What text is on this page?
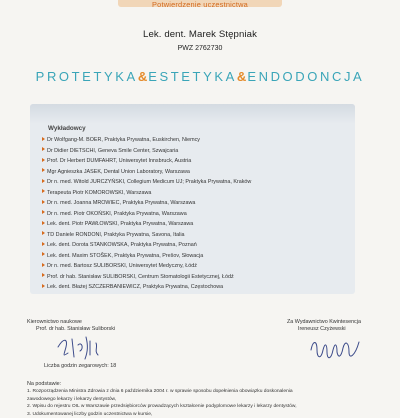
Potwierdzenie uczestnictwa
Lek. dent. Marek Stępniak
PWZ 2762730
PROTETYKA&ESTETYKA&ENDODONCJA
Wykładowcy
Dr Wolfgang-M. BOER, Praktyka Prywatna, Euskirchen, Niemcy
Dr Didier DIETSCHI, Geneva Smile Center, Szwajcaria
Prof. Dr Herbert DUMFAHRT, Uniwersytet Innsbruck, Austria
Mgr Agnieszka JASEK, Dental Union Laboratory, Warszawa
Dr n. med. Witold JURCZYŃSKI, Collegium Medicum UJ; Praktyka Prywatna, Kraków
Terapeuta Piotr KOMOROWSKI, Warszawa
Dr n. med. Joanna MROWIEC, Praktyka Prywatna, Warszawa
Dr n. med. Piotr OKOŃSKI, Praktyka Prywatna, Warszawa
Lek. dent. Piotr PAWŁOWSKI, Praktyka Prywatna, Warszawa
TD Daniele RONDONI, Praktyka Prywatna, Savona, Italia
Lek. dent. Dorota STANKOWSKA, Praktyka Prywatna, Poznań
Lek. dent. Maxim STOŠEK, Praktyka Prywatna, Prešov, Słowacja
Dr n. med. Bartosz SULIBORSKI, Uniwersytet Medyczny, Łódź
Prof. dr hab. Stanisław SULIBORSKI, Centrum Stomatologii Estetycznej, Łódź
Lek. dent. Błażej SZCZERBANIEWICZ, Praktyka Prywatna, Częstochowa
Kierownictwo naukowe
Prof. dr hab. Stanisław Suliborski
Za Wydawnictwo Kwintesencja
Ireneusz Czyżewski
Liczba godzin zegarowych: 18
Na podstawie:
1. Rozporządzenia Ministra Zdrowia z dnia 6 października 2004 r. w sprawie sposobu dopełnienia obowiązku doskonalenia
zawodowego lekarzy i lekarzy dentystów,
2. Wpisu do rejestru OIL w Warszawie przedsiębiorców prowadzących kształcenie podyplomowe lekarzy i lekarzy dentystów,
3. Udokumentowanej liczby godzin uczestnictwa w kursie,
